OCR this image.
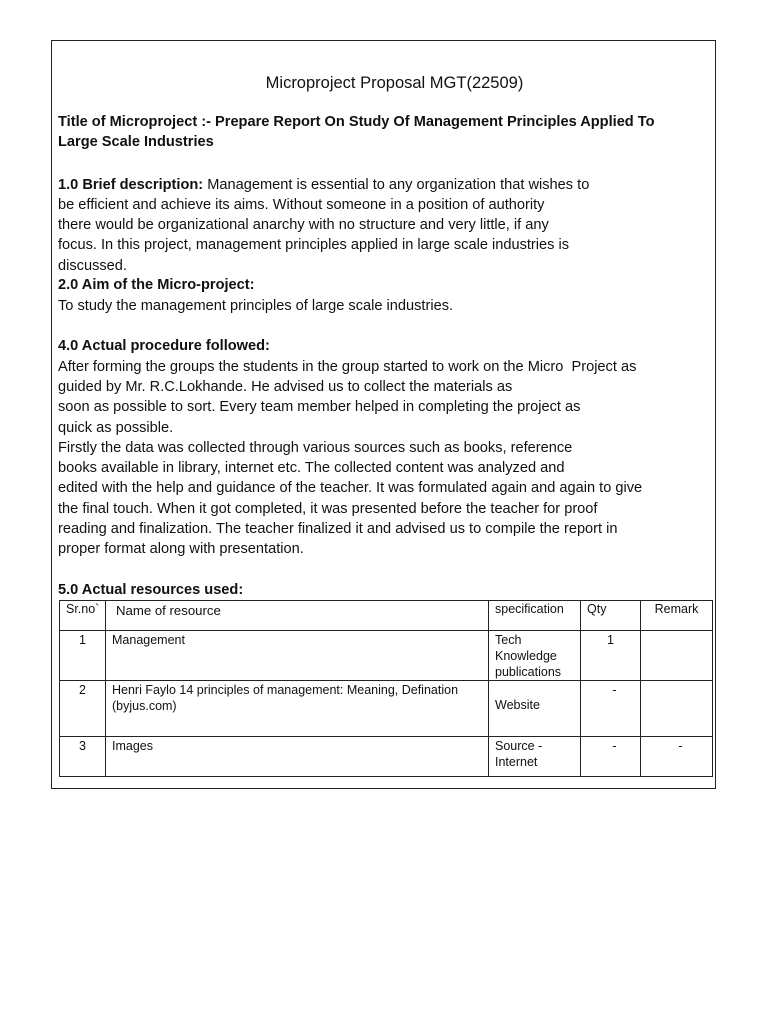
Microproject Proposal MGT(22509)
Title of Microproject :- Prepare Report On Study Of Management Principles Applied To
Large Scale Industries
1.0 Brief description: Management is essential to any organization that wishes to
be efficient and achieve its aims. Without someone in a position of authority
there would be organizational anarchy with no structure and very little, if any
focus. In this project, management principles applied in large scale industries is
discussed.
2.0 Aim of the Micro-project:
To study the management principles of large scale industries.
4.0 Actual procedure followed:
After forming the groups the students in the group started to work on the Micro  Project as
guided by Mr. R.C.Lokhande. He advised us to collect the materials as
soon as possible to sort. Every team member helped in completing the project as
quick as possible.
Firstly the data was collected through various sources such as books, reference
books available in library, internet etc. The collected content was analyzed and
edited with the help and guidance of the teacher. It was formulated again and again to give
the final touch. When it got completed, it was presented before the teacher for proof
reading and finalization. The teacher finalized it and advised us to compile the report in
proper format along with presentation.
5.0 Actual resources used:
Sr.no`	Name of resource	specification	Qty	Remark
1	Management	Tech
Knowledge
publications	1	
2	Henri Faylo 14 principles of management: Meaning, Defination
(byjus.com)	Website	-	
3	Images	Source -
Internet	-	-
